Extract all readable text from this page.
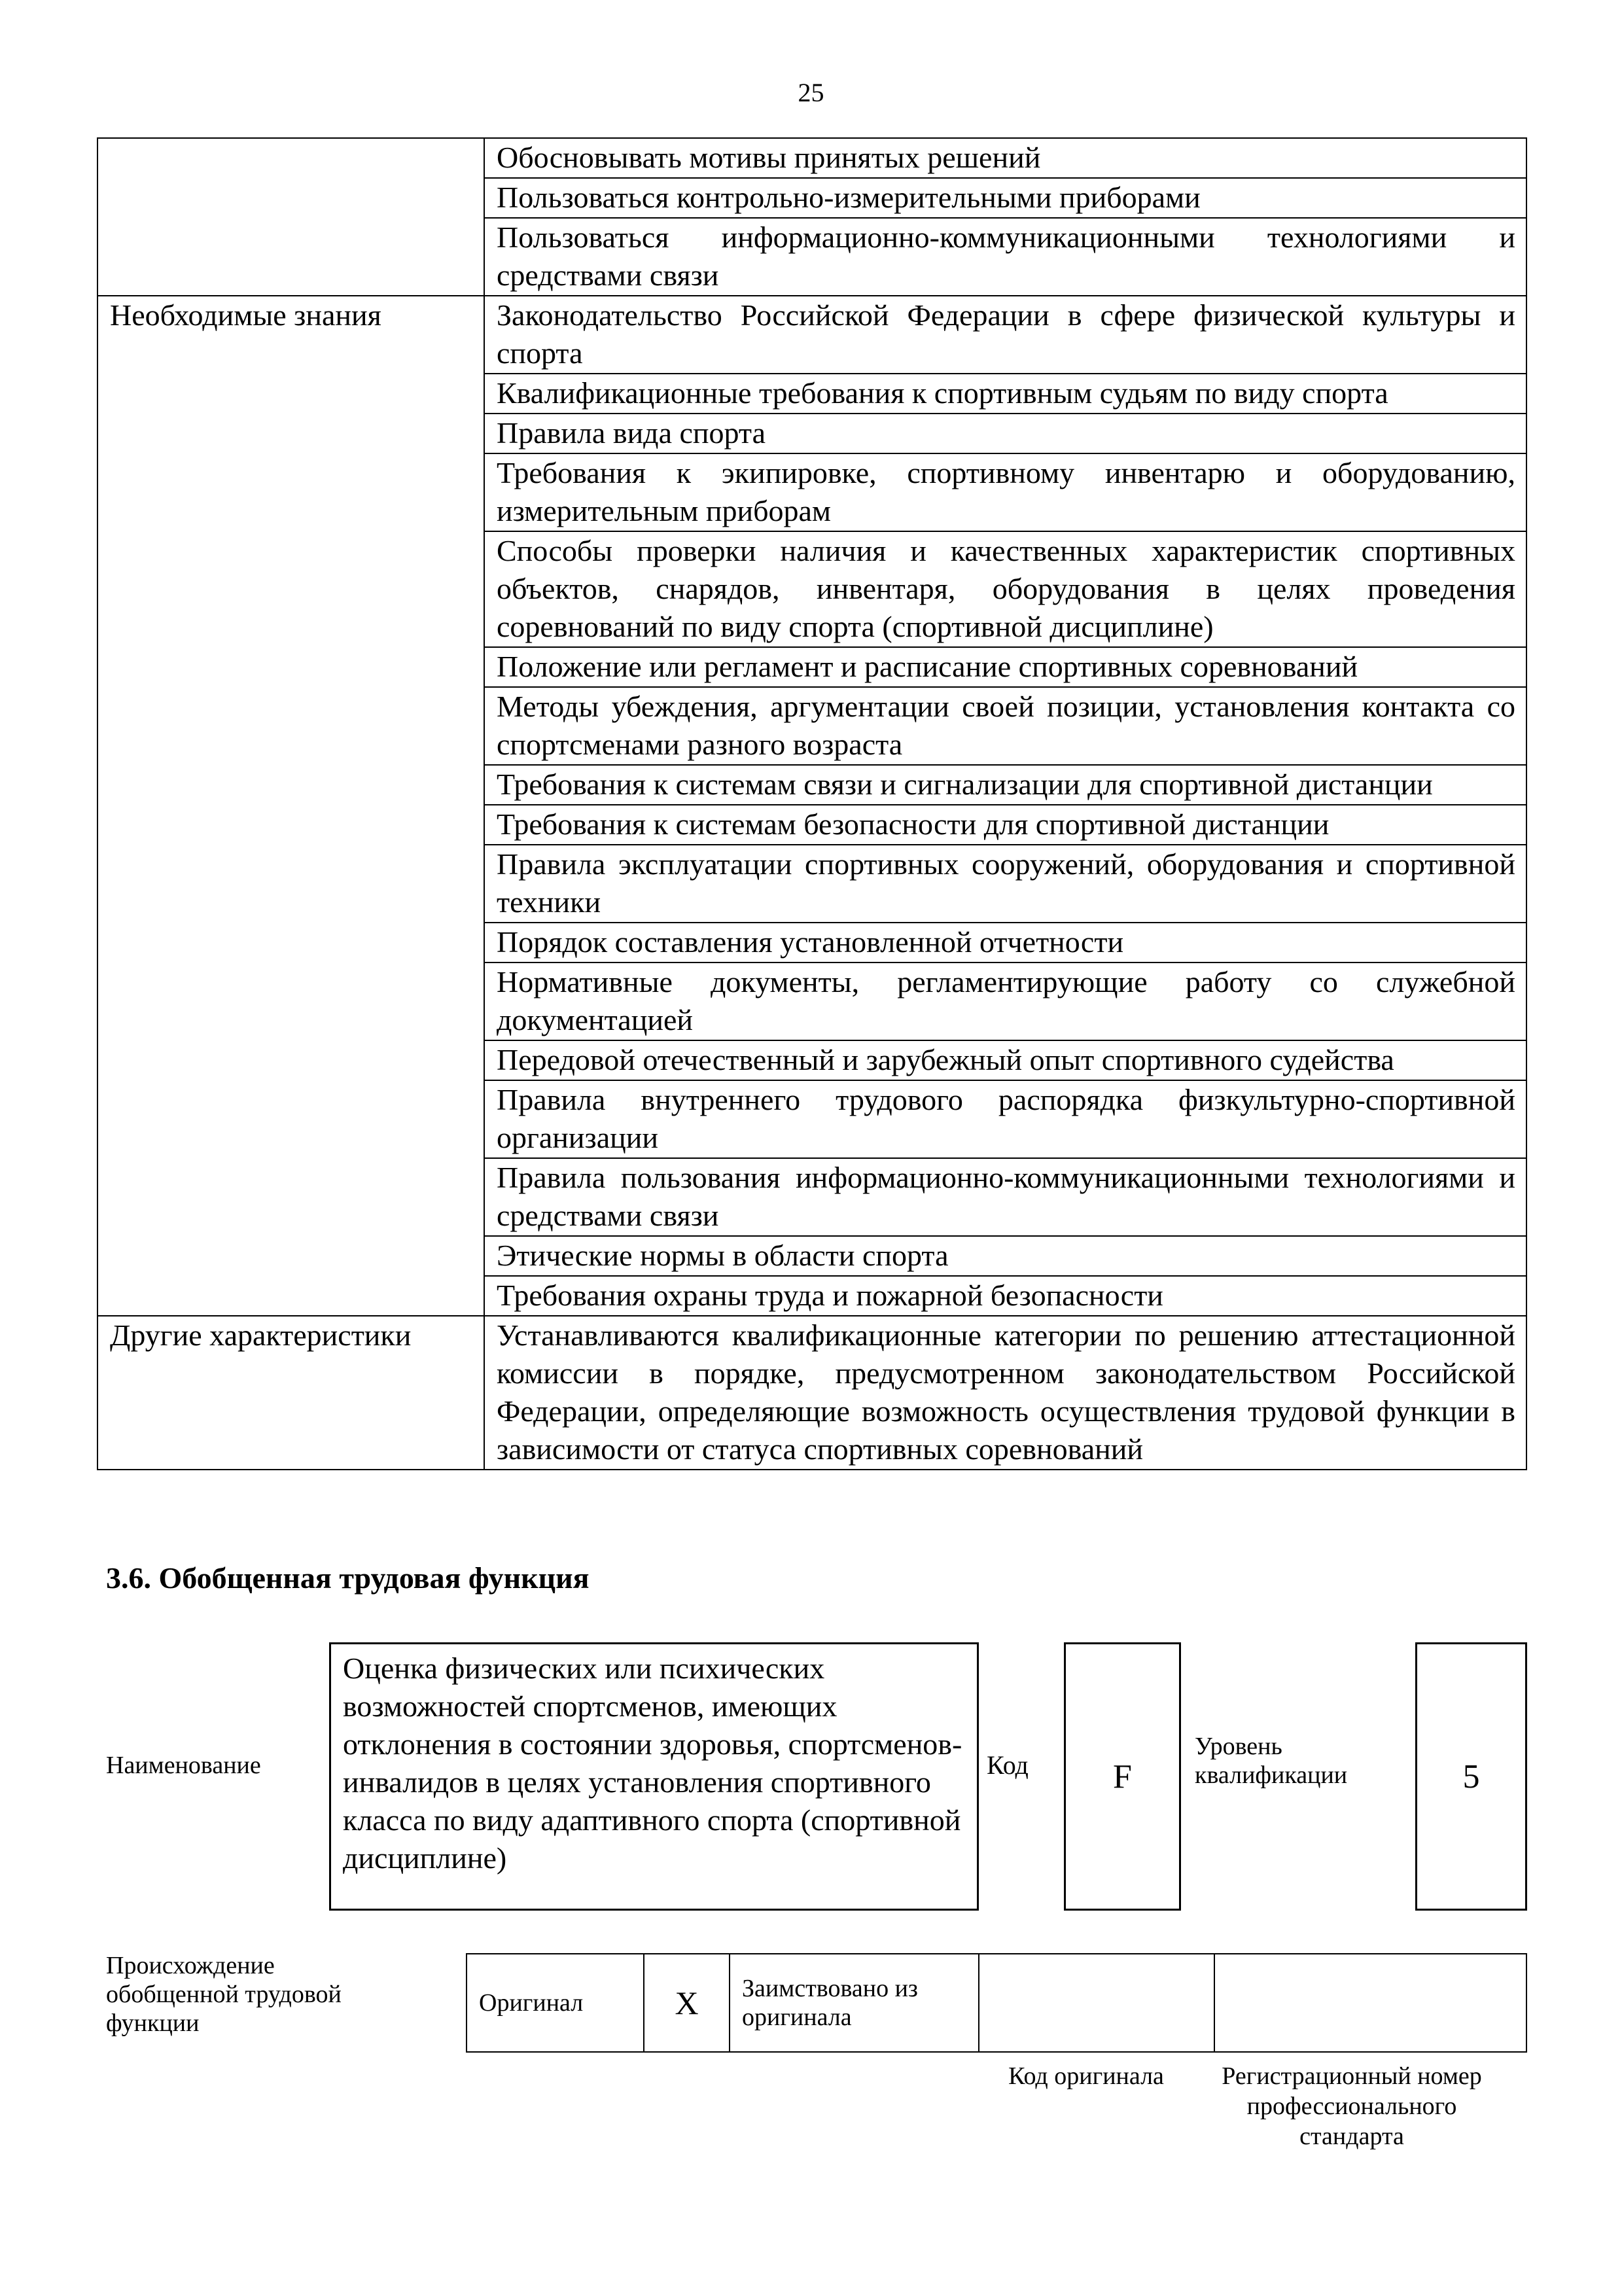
25
	Обосновывать мотивы принятых решений
	Пользоваться контрольно-измерительными приборами
	Пользоваться информационно-коммуникационными технологиями и средствами связи
Необходимые знания	Законодательство Российской Федерации в сфере физической культуры и спорта
	Квалификационные требования к спортивным судьям по виду спорта
	Правила вида спорта
	Требования к экипировке, спортивному инвентарю и оборудованию, измерительным приборам
	Способы проверки наличия и качественных характеристик спортивных объектов, снарядов, инвентаря, оборудования в целях проведения соревнований по виду спорта (спортивной дисциплине)
	Положение или регламент и расписание спортивных соревнований
	Методы убеждения, аргументации своей позиции, установления контакта со спортсменами разного возраста
	Требования к системам связи и сигнализации для спортивной дистанции
	Требования к системам безопасности для спортивной дистанции
	Правила эксплуатации спортивных сооружений, оборудования и спортивной техники
	Порядок составления установленной отчетности
	Нормативные документы, регламентирующие работу со служебной документацией
	Передовой отечественный и зарубежный опыт спортивного судейства
	Правила внутреннего трудового распорядка физкультурно-спортивной организации
	Правила пользования информационно-коммуникационными технологиями и средствами связи
	Этические нормы в области спорта
	Требования охраны труда и пожарной безопасности
Другие характеристики	Устанавливаются квалификационные категории по решению аттестационной комиссии в порядке, предусмотренном законодательством Российской Федерации, определяющие возможность осуществления трудовой функции в зависимости от статуса спортивных соревнований
3.6. Обобщенная трудовая функция
Наименование
Оценка физических или психических возможностей спортсменов, имеющих отклонения в состоянии здоровья, спортсменов-инвалидов в целях установления спортивного класса по виду адаптивного спорта (спортивной дисциплине)
Код F
Уровень квалификации	5
Происхождение обобщенной трудовой функции
Оригинал	X	Заимствовано из оригинала		
Код оригинала	Регистрационный номер профессионального стандарта
